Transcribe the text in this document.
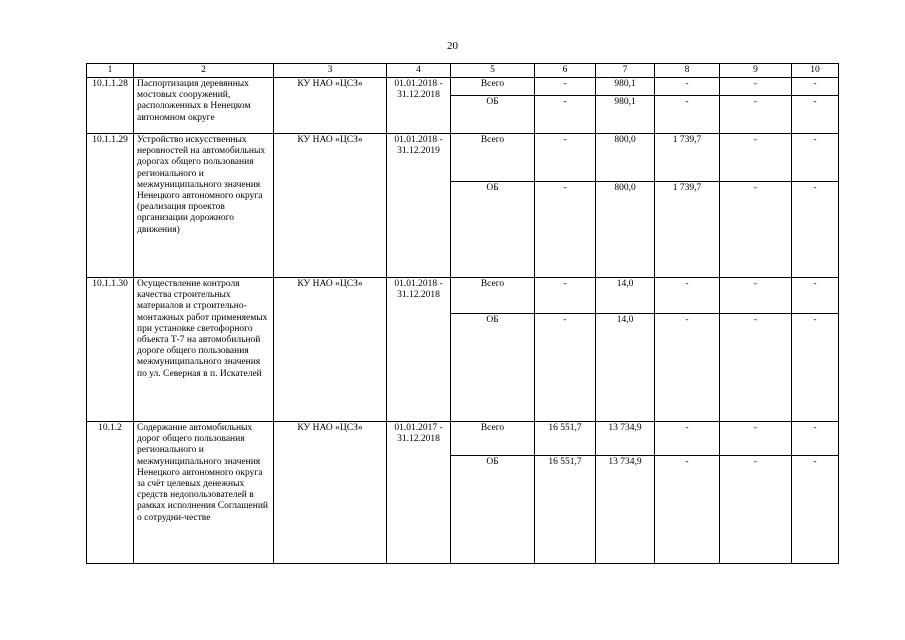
20
1	2	3	4	5	6	7	8	9	10
10.1.1.28	Паспортизация деревянных мостовых сооружений, расположенных в Ненецком автономном округе	КУ НАО «ЦСЗ»	01.01.2018 - 31.12.2018	Всего	-	980,1	-	-	-
				ОБ	-	980,1	-	-	-
10.1.1.29	Устройство искусственных неровностей на автомобильных дорогах общего пользования регионального и межмуниципального значения Ненецкого автономного округа (реализация проектов организации дорожного движения)	КУ НАО «ЦСЗ»	01.01.2018 - 31.12.2019	Всего	-	800,0	1 739,7	-	-
				ОБ	-	800,0	1 739,7	-	-
10.1.1.30	Осуществление контроля качества строительных материалов и строительно-монтажных работ применяемых при установке светофорного объекта Т-7 на автомобильной дороге общего пользования межмуниципального значения по ул. Северная в п. Искателей	КУ НАО «ЦСЗ»	01.01.2018 - 31.12.2018	Всего	-	14,0	-	-	-
				ОБ	-	14,0	-	-	-
10.1.2	Содержание автомобильных дорог общего пользования регионального и межмуниципального значения Ненецкого автономного округа за счёт целевых денежных средств недопользователей в рамках исполнения Соглашений о сотрудни-честве	КУ НАО «ЦСЗ»	01.01.2017 - 31.12.2018	Всего	16 551,7	13 734,9	-	-	-
				ОБ	16 551,7	13 734,9	-	-	-
